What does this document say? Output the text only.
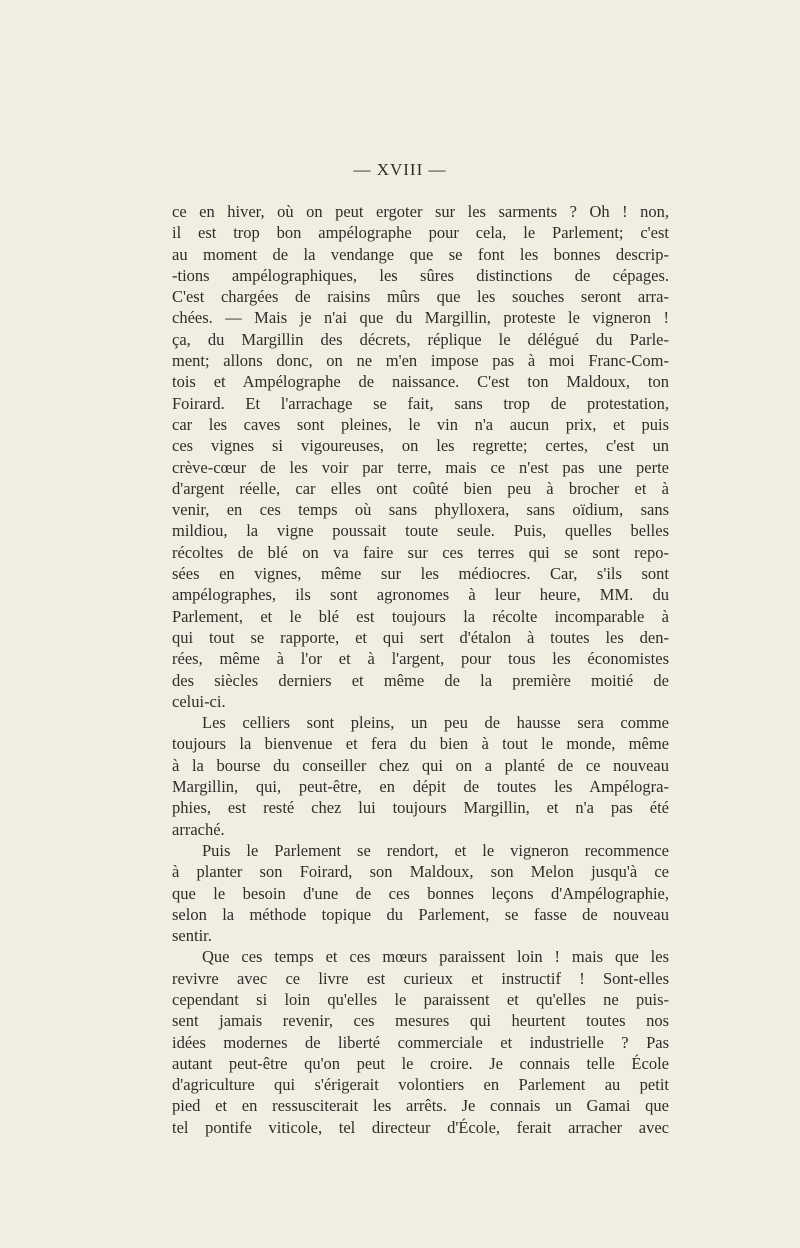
— XVIII —
ce en hiver, où on peut ergoter sur les sarments ? Oh ! non,
il est trop bon ampélographe pour cela, le Parlement; c'est
au moment de la vendange que se font les bonnes descrip-
-tions ampélographiques, les sûres distinctions de cépages.
C'est chargées de raisins mûrs que les souches seront arra-
chées. — Mais je n'ai que du Margillin, proteste le vigneron !
ça, du Margillin des décrets, réplique le délégué du Parle-
ment; allons donc, on ne m'en impose pas à moi Franc-Com-
tois et Ampélographe de naissance. C'est ton Maldoux, ton
Foirard. Et l'arrachage se fait, sans trop de protestation,
car les caves sont pleines, le vin n'a aucun prix, et puis
ces vignes si vigoureuses, on les regrette; certes, c'est un
crève-cœur de les voir par terre, mais ce n'est pas une perte
d'argent réelle, car elles ont coûté bien peu à brocher et à
venir, en ces temps où sans phylloxera, sans oïdium, sans
mildiou, la vigne poussait toute seule. Puis, quelles belles
récoltes de blé on va faire sur ces terres qui se sont repo-
sées en vignes, même sur les médiocres. Car, s'ils sont
ampélographes, ils sont agronomes à leur heure, MM. du
Parlement, et le blé est toujours la récolte incomparable à
qui tout se rapporte, et qui sert d'étalon à toutes les den-
rées, même à l'or et à l'argent, pour tous les économistes
des siècles derniers et même de la première moitié de
celui-ci.
Les celliers sont pleins, un peu de hausse sera comme
toujours la bienvenue et fera du bien à tout le monde, même
à la bourse du conseiller chez qui on a planté de ce nouveau
Margillin, qui, peut-être, en dépit de toutes les Ampélogra-
phies, est resté chez lui toujours Margillin, et n'a pas été
arraché.
Puis le Parlement se rendort, et le vigneron recommence
à planter son Foirard, son Maldoux, son Melon jusqu'à ce
que le besoin d'une de ces bonnes leçons d'Ampélographie,
selon la méthode topique du Parlement, se fasse de nouveau
sentir.
Que ces temps et ces mœurs paraissent loin ! mais que les
revivre avec ce livre est curieux et instructif ! Sont-elles
cependant si loin qu'elles le paraissent et qu'elles ne puis-
sent jamais revenir, ces mesures qui heurtent toutes nos
idées modernes de liberté commerciale et industrielle ? Pas
autant peut-être qu'on peut le croire. Je connais telle École
d'agriculture qui s'érigerait volontiers en Parlement au petit
pied et en ressusciterait les arrêts. Je connais un Gamai que
tel pontife viticole, tel directeur d'École, ferait arracher avec
